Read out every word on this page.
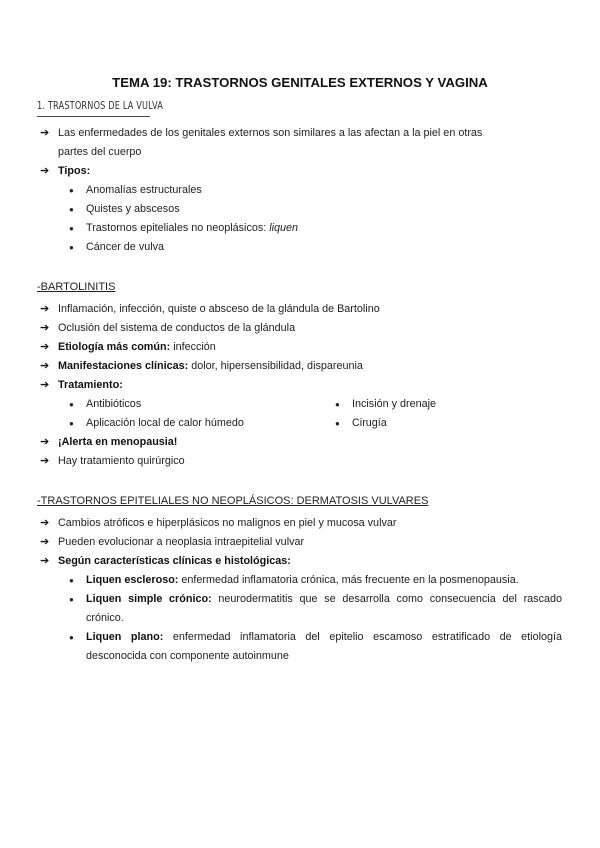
TEMA 19: TRASTORNOS GENITALES EXTERNOS Y VAGINA
1. TRASTORNOS DE LA VULVA
➔ Las enfermedades de los genitales externos son similares a las afectan a la piel en otras
partes del cuerpo
➔ Tipos:
● Anomalías estructurales
● Quistes y abscesos
● Trastornos epiteliales no neoplásicos: liquen
● Cáncer de vulva
-BARTOLINITIS
➔ Inflamación, infección, quiste o absceso de la glándula de Bartolino
➔ Oclusión del sistema de conductos de la glándula
➔ Etiología más común: infección
➔ Manifestaciones clínicas: dolor, hipersensibilidad, dispareunia
➔ Tratamiento:
● Antibióticos
● Aplicación local de calor húmedo
● Incisión y drenaje
● Cirugía
➔ ¡Alerta en menopausia!
➔ Hay tratamiento quirúrgico
-TRASTORNOS EPITELIALES NO NEOPLÁSICOS: DERMATOSIS VULVARES
➔ Cambios atróficos e hiperplásicos no malignos en piel y mucosa vulvar
➔ Pueden evolucionar a neoplasia intraepitelial vulvar
➔ Según características clínicas e histológicas:
● Liquen escleroso: enfermedad inflamatoria crónica, más frecuente en la posmenopausia.
● Liquen simple crónico: neurodermatitis que se desarrolla como consecuencia del rascado
crónico.
● Liquen plano: enfermedad inflamatoria del epitelio escamoso estratificado de etiología
desconocida con componente autoinmune
